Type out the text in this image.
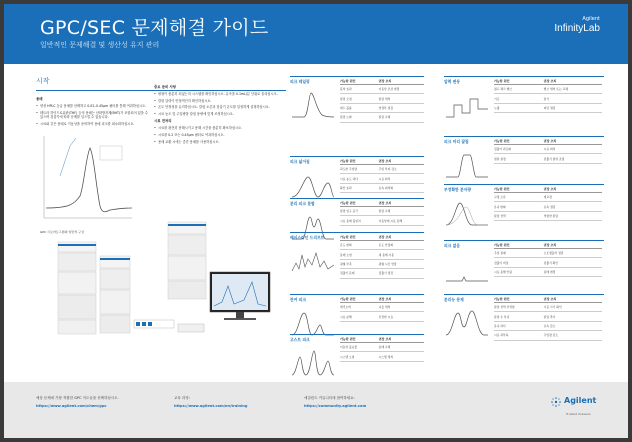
GPC/SEC 문제해결 가이드
일반적인 문제해결 및 생산성 유지 관리
Agilent
InfinityLab
시작
용매
• 양성 HPLC 등급 용매를 선택하고 0.02–0.45µm 필터를 통해 여과하십시오.
• 테트라 하이드로퓨란(THF) 등의 용매는 산화방지제(BHT)가 포함되어 있을 수 있으며 검출기에 따라 문제를 일으킬 수 있습니다.
• 시료와 같은 용매로 이동상을 준비하여 용매 피크를 최소화하십시오.
중요 준비 사항
• 평형이 충분히 되었는지 시스템을 확인하십시오. 유속을 0.1mL/분 단위로 올리십시오.
• 칼럼 압력이 안정적인지 확인하십시오.
• 온도 안정성을 유지하십시오. 칼럼 오븐과 검출기 온도를 일정하게 설정하십시오.
• 시료 농도 및 주입량을 칼럼 용량에 맞게 조정하십시오.
시료 전처리
• 시료를 완전히 용해시키고 용해 시간을 충분히 확보하십시오.
• 시료를 0.2 또는 0.45µm 필터로 여과하십시오.
• 용매 교환 시에는 중간 용매를 사용하십시오.
GPC 크로마토그램의 일반적 구성
피크 테일링	가능한 원인	권장 조치
흡착 효과	이동상 조성 변경
칼럼 오염	칼럼 세척
데드 볼륨	연결부 점검
칼럼 노화	칼럼 교체
피크 넓어짐	가능한 원인	권장 조치
과도한 주입량	주입 부피 감소
시료 농도 과다	시료 희석
확산 효과	유속 최적화
분리 피크 분할	가능한 원인	권장 조치
칼럼 입구 공극	칼럼 교체
시료 용매 불일치	이동상에 시료 용해
베이스라인 드리프트	가능한 원인	권장 조치
온도 변화	온도 안정화
용매 오염	새 용매 사용
평형 부족	평형 시간 연장
검출기 문제	검출기 점검
잔여 피크	가능한 원인	권장 조치
캐리오버	니들 세척
시료 분해	신선한 시료
고스트 피크	가능한 원인	권장 조치
이동상 불순물	용매 교체
시스템 오염	시스템 세척
압력 변동	가능한 원인	권장 조치
펌프 체크 밸브	밸브 세척 또는 교체
기포	탈기
누출	피팅 점검
피크 머리 잘림	가능한 원인	권장 조치
검출기 과포화	시료 희석
범위 설정	검출기 범위 조정
부정확한 분자량	가능한 원인	권장 조치
교정 오류	재교정
유속 변화	유속 점검
칼럼 선택	적합한 칼럼
피크 없음	가능한 원인	권장 조치
주입 실패	오토샘플러 점검
검출기 꺼짐	검출기 확인
시료 용해 안됨	용매 변경
분리능 문제	가능한 원인	권장 조치
칼럼 선택 부적합	기공 크기 확인
칼럼 수 부족	칼럼 추가
유속 과다	유속 감소
시료 과부하	주입량 감소
예상 문제에 가장 적합한 GPC 지도들을 선택하십시오.
https://www.agilent.com/chem/gpc
교육 과정:
https://www.agilent.com/en/training
애질런트 커뮤니티에 참여하세요:
https://community.agilent.com
Agilent
Trusted Answers
